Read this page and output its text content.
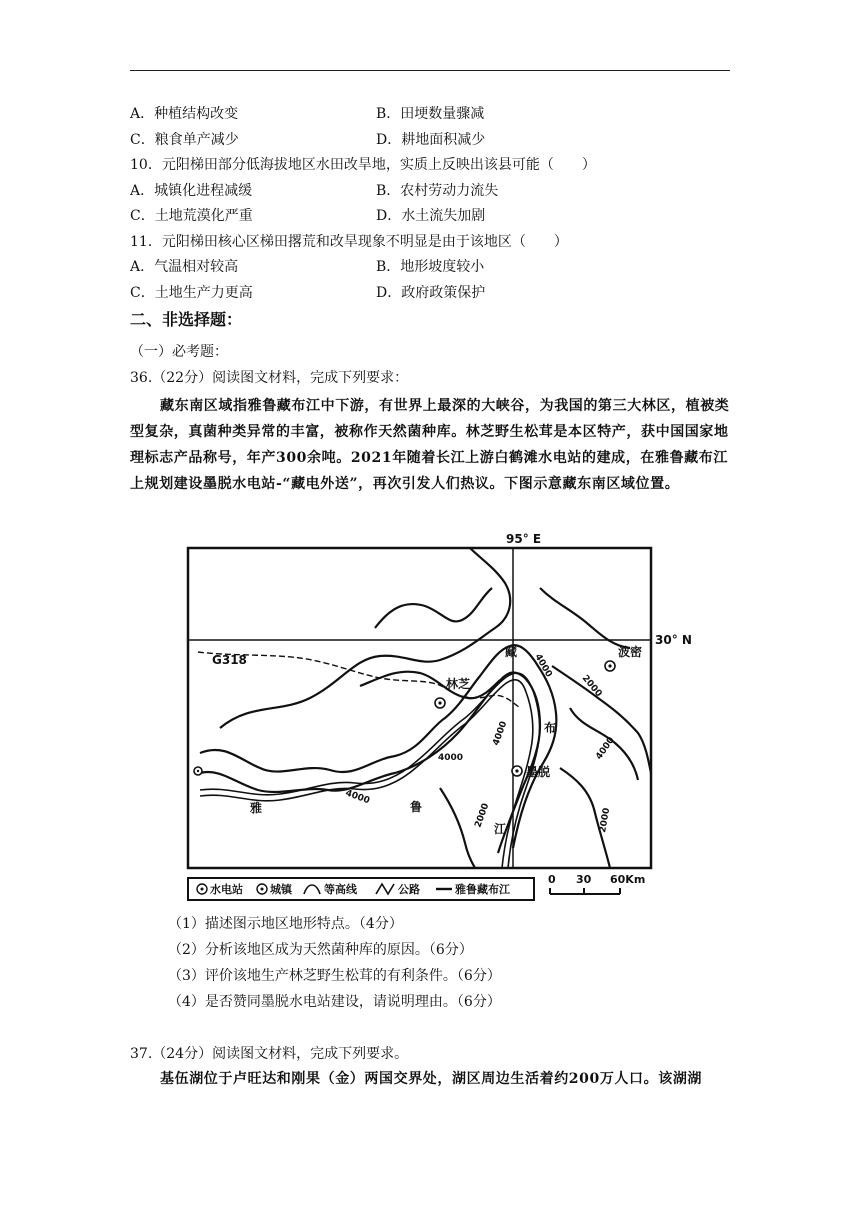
A．种植结构改变	B．田埂数量骤减
C．粮食单产减少	D．耕地面积减少
10．元阳梯田部分低海拔地区水田改旱地，实质上反映出该县可能（　　）
A．城镇化进程减缓	B．农村劳动力流失
C．土地荒漠化严重	D．水土流失加剧
11．元阳梯田核心区梯田撂荒和改旱现象不明显是由于该地区（　　）
A．气温相对较高	B．地形坡度较小
C．土地生产力更高	D．政府政策保护
二、非选择题：
（一）必考题：
36.（22分）阅读图文材料，完成下列要求：
藏东南区域指雅鲁藏布江中下游，有世界上最深的大峡谷，为我国的第三大林区，植被类型复杂，真菌种类异常的丰富，被称作天然菌种库。林芝野生松茸是本区特产，获中国国家地理标志产品称号，年产300余吨。2021年随着长江上游白鹤滩水电站的建成，在雅鲁藏布江上规划建设墨脱水电站-“藏电外送”，再次引发人们热议。下图示意藏东南区域位置。
95° E
30° N
G318
林芝
波密
墨脱
雅	鲁
藏
布
江
4000
4000
4000
4000
4000
2000	2000
2000
水电站 城镇	等高线	公路	雅鲁藏布江
0 30 60Km
（1）描述图示地区地形特点。（4分）
（2）分析该地区成为天然菌种库的原因。（6分）
（3）评价该地生产林芝野生松茸的有利条件。（6分）
（4）是否赞同墨脱水电站建设，请说明理由。（6分）
37.（24分）阅读图文材料，完成下列要求。
基伍湖位于卢旺达和刚果（金）两国交界处，湖区周边生活着约200万人口。该湖湖
